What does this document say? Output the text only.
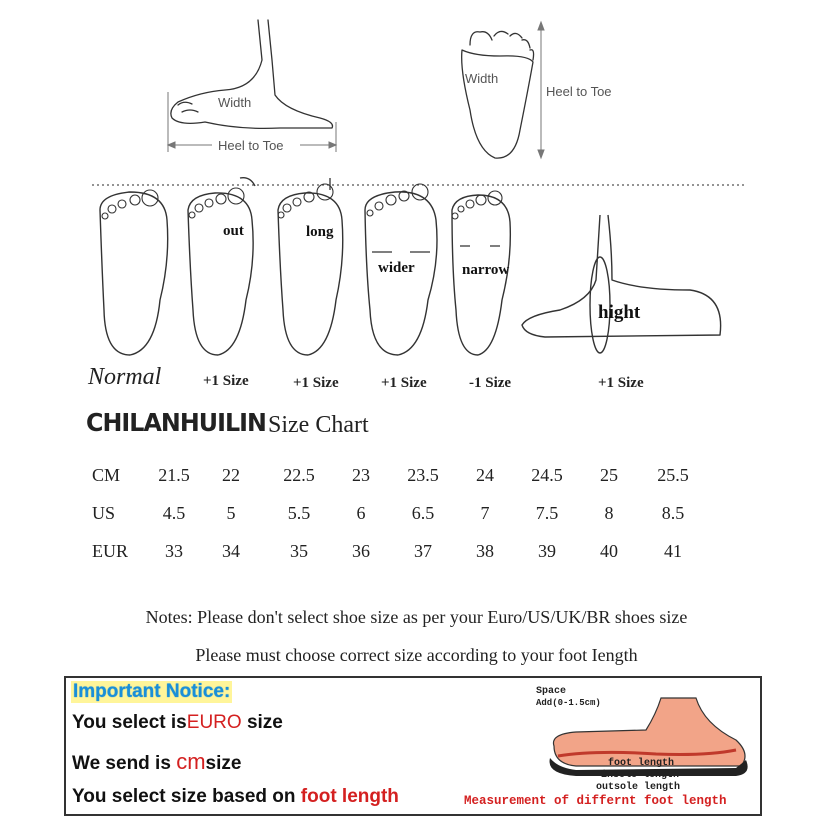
Width
Heel to Toe
Width
Heel to Toe
out	long
wider	narrow
hight
Normal	+1 Size	+1 Size	+1 Size	-1 Size	+1 Size
CHILANHUILIN Size Chart
CM	21.5	22	22.5	23	23.5	24	24.5	25	25.5
US	4.5	5	5.5	6	6.5	7	7.5	8	8.5
EUR	33	34	35	36	37	38	39	40	41
Notes: Please don't select shoe size as per your Euro/US/UK/BR shoes size
Please must choose correct size according to your foot Iength
Important Notice:
You select isEURO size
We send is cmsize
You select size based on foot length
Space
Add(0-1.5cm)
foot length
insole length
outsole length
Measurement of differnt foot length
